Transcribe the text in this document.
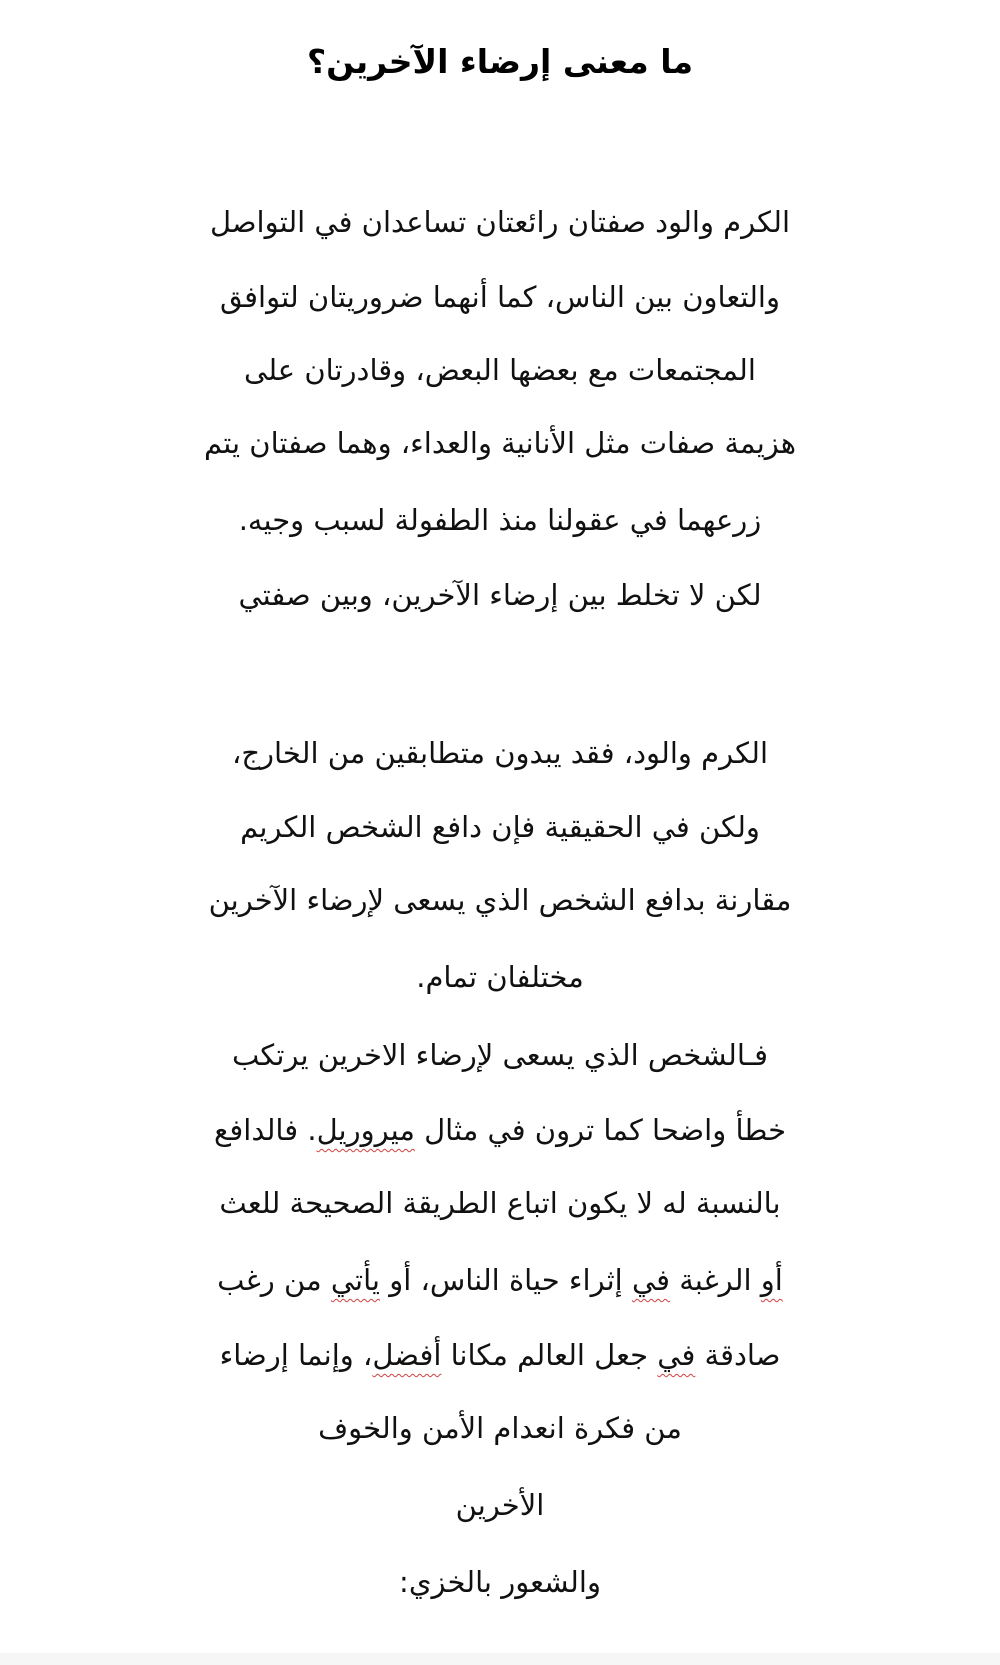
ما معنى إرضاء الآخرين؟
الكرم والود صفتان رائعتان تساعدان في التواصل
والتعاون بين الناس، كما أنهما ضروريتان لتوافق
المجتمعات مع بعضها البعض، وقادرتان على
هزيمة صفات مثل الأنانية والعداء، وهما صفتان يتم
زرعهما في عقولنا منذ الطفولة لسبب وجيه.
لكن لا تخلط بين إرضاء الآخرين، وبين صفتي
الكرم والود، فقد يبدون متطابقين من الخارج،
ولكن في الحقيقية فإن دافع الشخص الكريم
مقارنة بدافع الشخص الذي يسعى لإرضاء الآخرين
مختلفان تمام.
فـالشخص الذي يسعى لإرضاء الاخرين يرتكب
خطأ واضحا كما ترون في مثال ميروريل. فالدافع
بالنسبة له لا يكون اتباع الطريقة الصحيحة للعث
أو الرغبة في إثراء حياة الناس، أو يأتي من رغب
صادقة في جعل العالم مكانا أفضل، وإنما إرضاء
من فكرة انعدام الأمن والخوف
الأخرين
والشعور بالخزي:
